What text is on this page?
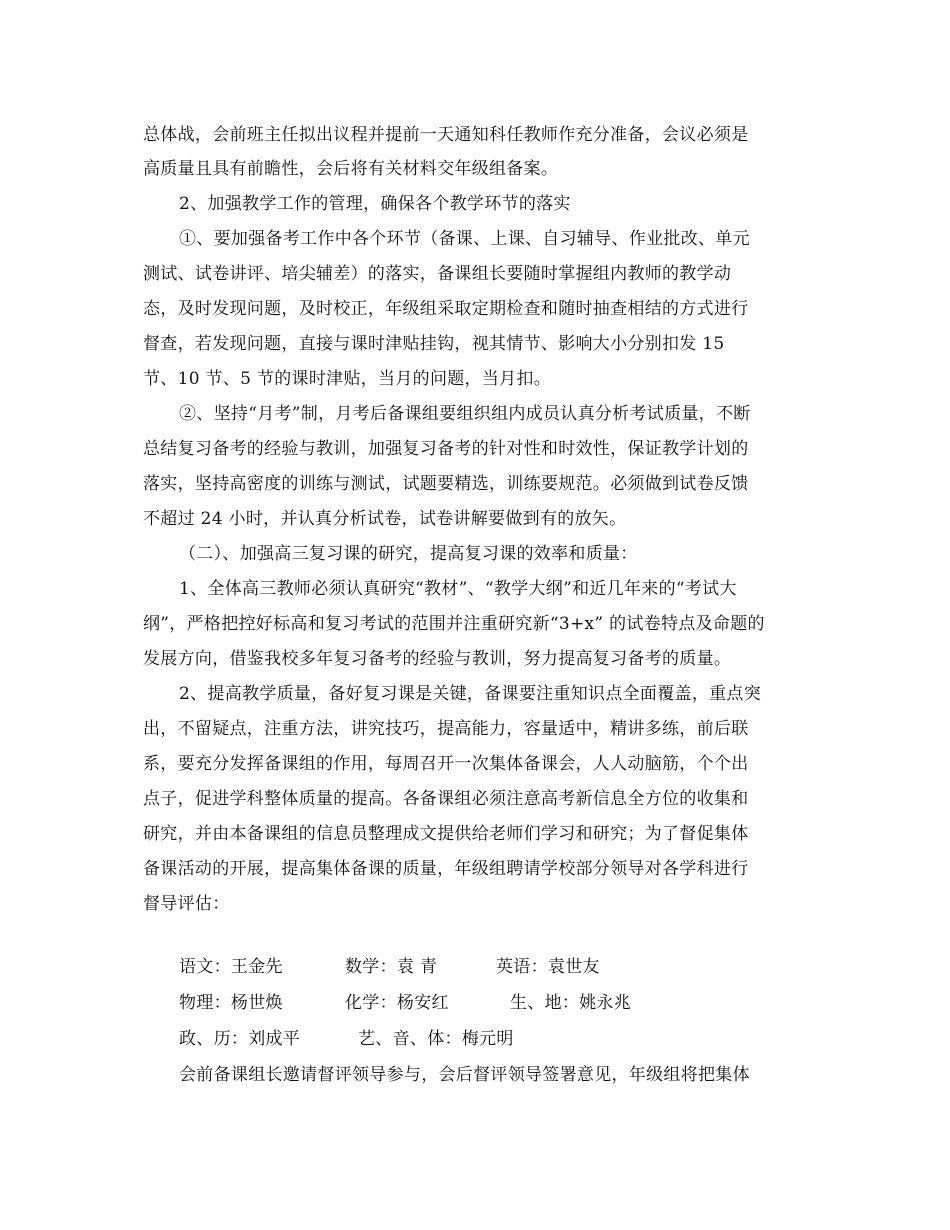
总体战，会前班主任拟出议程并提前一天通知科任教师作充分准备，会议必须是
高质量且具有前瞻性，会后将有关材料交年级组备案。
2、加强教学工作的管理，确保各个教学环节的落实
①、要加强备考工作中各个环节（备课、上课、自习辅导、作业批改、单元
测试、试卷讲评、培尖辅差）的落实，备课组长要随时掌握组内教师的教学动
态，及时发现问题，及时校正，年级组采取定期检查和随时抽查相结的方式进行
督查，若发现问题，直接与课时津贴挂钩，视其情节、影响大小分别扣发 15
节、10 节、5 节的课时津贴，当月的问题，当月扣。
②、坚持“月考”制，月考后备课组要组织组内成员认真分析考试质量，不断
总结复习备考的经验与教训，加强复习备考的针对性和时效性，保证教学计划的
落实，坚持高密度的训练与测试，试题要精选，训练要规范。必须做到试卷反馈
不超过 24 小时，并认真分析试卷，试卷讲解要做到有的放矢。
（二）、加强高三复习课的研究，提高复习课的效率和质量：
1、全体高三教师必须认真研究“教材”、“教学大纲”和近几年来的“考试大
纲”，严格把控好标高和复习考试的范围并注重研究新“3+x” 的试卷特点及命题的
发展方向，借鉴我校多年复习备考的经验与教训，努力提高复习备考的质量。
2、提高教学质量，备好复习课是关键，备课要注重知识点全面覆盖，重点突
出，不留疑点，注重方法，讲究技巧，提高能力，容量适中，精讲多练，前后联
系，要充分发挥备课组的作用，每周召开一次集体备课会，人人动脑筋，个个出
点子，促进学科整体质量的提高。各备课组必须注意高考新信息全方位的收集和
研究，并由本备课组的信息员整理成文提供给老师们学习和研究；为了督促集体
备课活动的开展，提高集体备课的质量，年级组聘请学校部分领导对各学科进行
督导评估：
语文：王金先	数学：袁 青	英语：袁世友
物理：杨世焕	化学：杨安红	生、地：姚永兆
政、历：刘成平	艺、音、体：梅元明
会前备课组长邀请督评领导参与，会后督评领导签署意见，年级组将把集体
